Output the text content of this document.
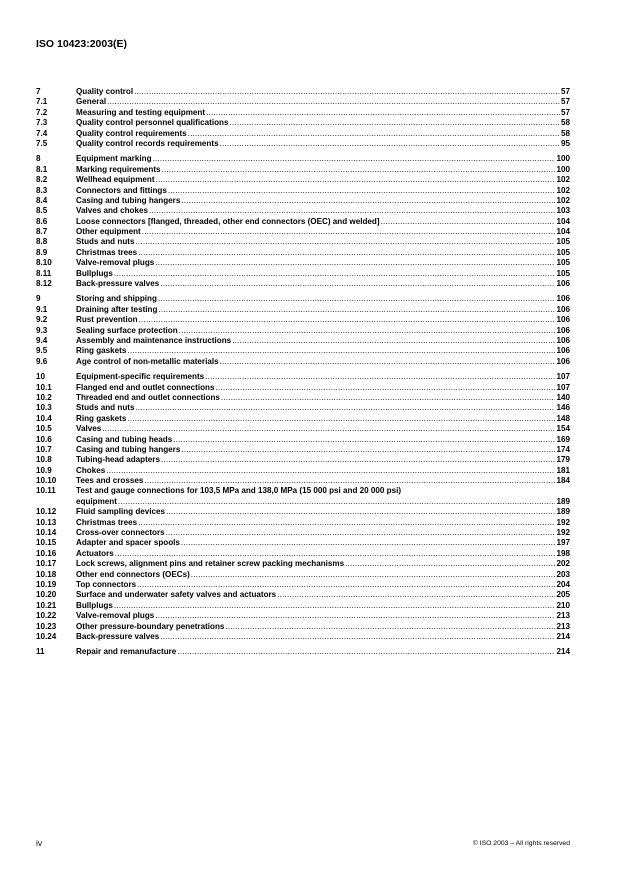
ISO 10423:2003(E)
7	Quality control .....	57
7.1	General .....	57
7.2	Measuring and testing equipment .....	57
7.3	Quality control personnel qualifications .....	58
7.4	Quality control requirements .....	58
7.5	Quality control records requirements .....	95
8	Equipment marking .....	100
8.1	Marking requirements .....	100
8.2	Wellhead equipment .....	102
8.3	Connectors and fittings .....	102
8.4	Casing and tubing hangers .....	102
8.5	Valves and chokes .....	103
8.6	Loose connectors [flanged, threaded, other end connectors (OEC) and welded] .....	104
8.7	Other equipment .....	104
8.8	Studs and nuts .....	105
8.9	Christmas trees .....	105
8.10	Valve-removal plugs .....	105
8.11	Bullplugs .....	105
8.12	Back-pressure valves .....	106
9	Storing and shipping .....	106
9.1	Draining after testing .....	106
9.2	Rust prevention .....	106
9.3	Sealing surface protection .....	106
9.4	Assembly and maintenance instructions .....	106
9.5	Ring gaskets .....	106
9.6	Age control of non-metallic materials .....	106
10	Equipment-specific requirements .....	107
10.1	Flanged end and outlet connections .....	107
10.2	Threaded end and outlet connections .....	140
10.3	Studs and nuts .....	146
10.4	Ring gaskets .....	148
10.5	Valves .....	154
10.6	Casing and tubing heads .....	169
10.7	Casing and tubing hangers .....	174
10.8	Tubing-head adapters .....	179
10.9	Chokes .....	181
10.10	Tees and crosses .....	184
10.11	Test and gauge connections for 103,5 MPa and 138,0 MPa (15 000 psi and 20 000 psi)
equipment .....	189
10.12	Fluid sampling devices .....	189
10.13	Christmas trees .....	192
10.14	Cross-over connectors .....	192
10.15	Adapter and spacer spools .....	197
10.16	Actuators .....	198
10.17	Lock screws, alignment pins and retainer screw packing mechanisms .....	202
10.18	Other end connectors (OECs) .....	203
10.19	Top connectors .....	204
10.20	Surface and underwater safety valves and actuators .....	205
10.21	Bullplugs .....	210
10.22	Valve-removal plugs .....	213
10.23	Other pressure-boundary penetrations .....	213
10.24	Back-pressure valves .....	214
11	Repair and remanufacture .....	214
iv	© ISO 2003 – All rights reserved
